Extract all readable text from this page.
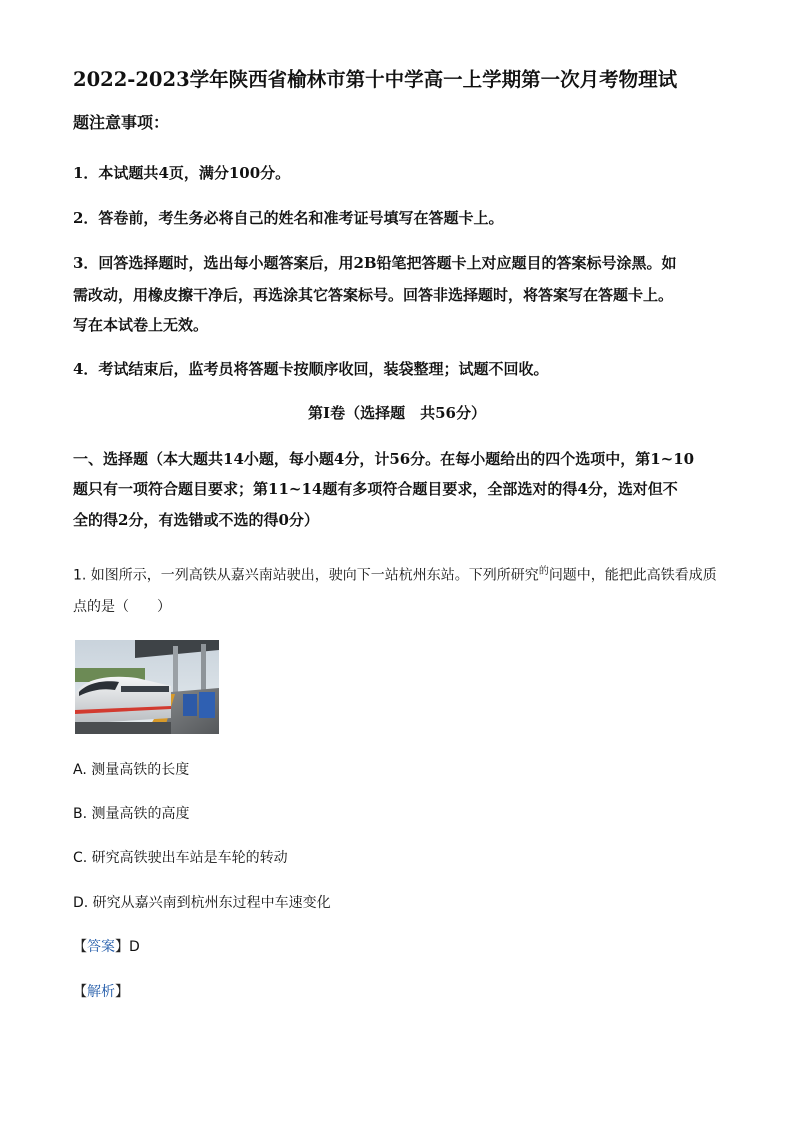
2022-2023学年陕西省榆林市第十中学高一上学期第一次月考物理试
题注意事项：
1．本试题共4页，满分100分。
2．答卷前，考生务必将自己的姓名和准考证号填写在答题卡上。
3．回答选择题时，选出每小题答案后，用2B铅笔把答题卡上对应题目的答案标号涂黑。如
需改动，用橡皮擦干净后，再选涂其它答案标号。回答非选择题时，将答案写在答题卡上。
写在本试卷上无效。
4．考试结束后，监考员将答题卡按顺序收回，装袋整理；试题不回收。
第I卷（选择题　共56分）
一、选择题（本大题共14小题，每小题4分，计56分。在每小题给出的四个选项中，第1~10
题只有一项符合题目要求；第11~14题有多项符合题目要求，全部选对的得4分，选对但不
全的得2分，有选错或不选的得0分）
1. 如图所示，一列高铁从嘉兴南站驶出，驶向下一站杭州东站。下列所研究$^的$问题中，能把此高铁看成质
点的是（　　）
A. 测量高铁的长度
B. 测量高铁的高度
C. 研究高铁驶出车站是车轮的转动
D. 研究从嘉兴南到杭州东过程中车速变化
【答案】D
【解析】
